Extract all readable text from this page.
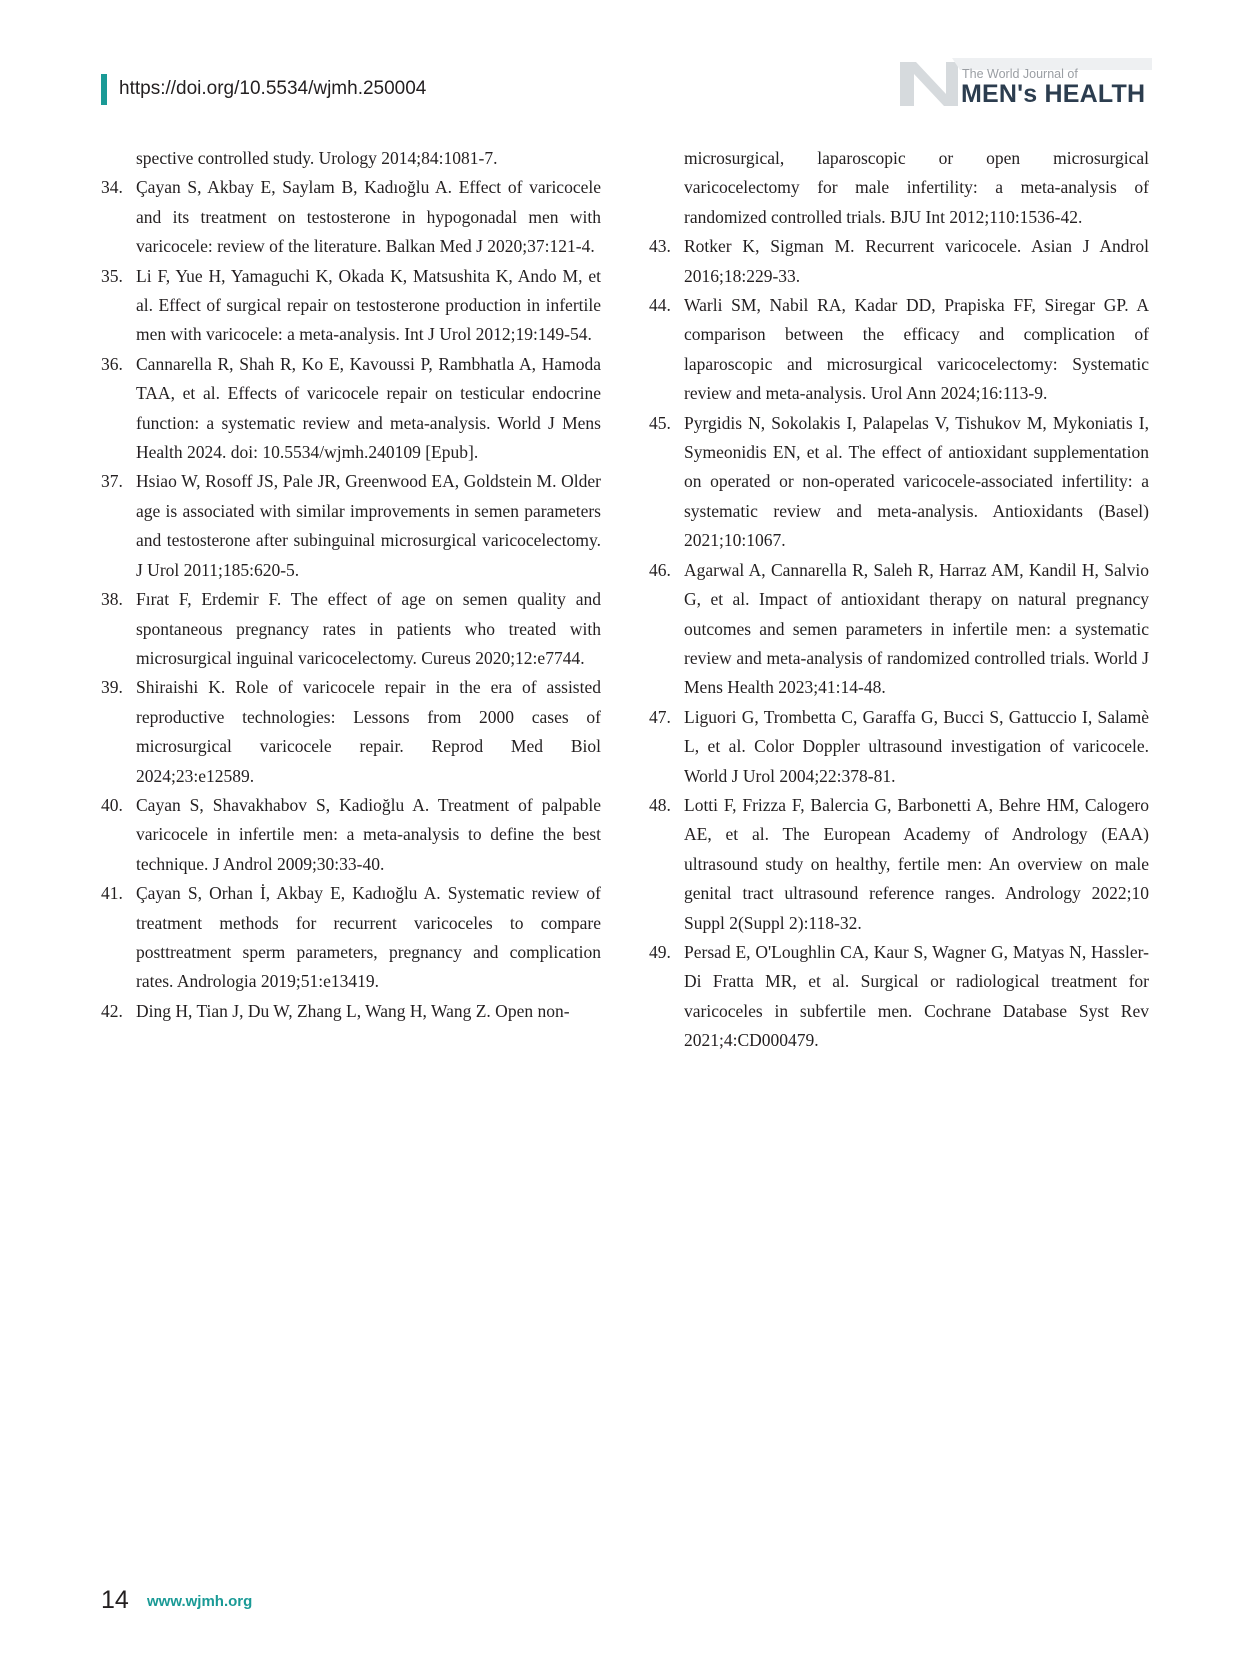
https://doi.org/10.5534/wjmh.250004
The World Journal of
MEN's HEALTH
spective controlled study. Urology 2014;84:1081-7.
34. Çayan S, Akbay E, Saylam B, Kadıoğlu A. Effect of varicocele and its treatment on testosterone in hypogonadal men with varicocele: review of the literature. Balkan Med J 2020;37:121-4.
35. Li F, Yue H, Yamaguchi K, Okada K, Matsushita K, Ando M, et al. Effect of surgical repair on testosterone production in infertile men with varicocele: a meta-analysis. Int J Urol 2012;19:149-54.
36. Cannarella R, Shah R, Ko E, Kavoussi P, Rambhatla A, Hamoda TAA, et al. Effects of varicocele repair on testicular endocrine function: a systematic review and meta-analysis. World J Mens Health 2024. doi: 10.5534/wjmh.240109 [Epub].
37. Hsiao W, Rosoff JS, Pale JR, Greenwood EA, Goldstein M. Older age is associated with similar improvements in semen parameters and testosterone after subinguinal microsurgical varicocelectomy. J Urol 2011;185:620-5.
38. Fırat F, Erdemir F. The effect of age on semen quality and spontaneous pregnancy rates in patients who treated with microsurgical inguinal varicocelectomy. Cureus 2020;12:e7744.
39. Shiraishi K. Role of varicocele repair in the era of assisted reproductive technologies: Lessons from 2000 cases of microsurgical varicocele repair. Reprod Med Biol 2024;23:e12589.
40. Cayan S, Shavakhabov S, Kadioğlu A. Treatment of palpable varicocele in infertile men: a meta-analysis to define the best technique. J Androl 2009;30:33-40.
41. Çayan S, Orhan İ, Akbay E, Kadıoğlu A. Systematic review of treatment methods for recurrent varicoceles to compare posttreatment sperm parameters, pregnancy and complication rates. Andrologia 2019;51:e13419.
42. Ding H, Tian J, Du W, Zhang L, Wang H, Wang Z. Open non-
microsurgical, laparoscopic or open microsurgical varicocelectomy for male infertility: a meta-analysis of randomized controlled trials. BJU Int 2012;110:1536-42.
43. Rotker K, Sigman M. Recurrent varicocele. Asian J Androl 2016;18:229-33.
44. Warli SM, Nabil RA, Kadar DD, Prapiska FF, Siregar GP. A comparison between the efficacy and complication of laparoscopic and microsurgical varicocelectomy: Systematic review and meta-analysis. Urol Ann 2024;16:113-9.
45. Pyrgidis N, Sokolakis I, Palapelas V, Tishukov M, Mykoniatis I, Symeonidis EN, et al. The effect of antioxidant supplementation on operated or non-operated varicocele-associated infertility: a systematic review and meta-analysis. Antioxidants (Basel) 2021;10:1067.
46. Agarwal A, Cannarella R, Saleh R, Harraz AM, Kandil H, Salvio G, et al. Impact of antioxidant therapy on natural pregnancy outcomes and semen parameters in infertile men: a systematic review and meta-analysis of randomized controlled trials. World J Mens Health 2023;41:14-48.
47. Liguori G, Trombetta C, Garaffa G, Bucci S, Gattuccio I, Salamè L, et al. Color Doppler ultrasound investigation of varicocele. World J Urol 2004;22:378-81.
48. Lotti F, Frizza F, Balercia G, Barbonetti A, Behre HM, Calogero AE, et al. The European Academy of Andrology (EAA) ultrasound study on healthy, fertile men: An overview on male genital tract ultrasound reference ranges. Andrology 2022;10 Suppl 2(Suppl 2):118-32.
49. Persad E, O'Loughlin CA, Kaur S, Wagner G, Matyas N, Hassler-Di Fratta MR, et al. Surgical or radiological treatment for varicoceles in subfertile men. Cochrane Database Syst Rev 2021;4:CD000479.
14 www.wjmh.org
